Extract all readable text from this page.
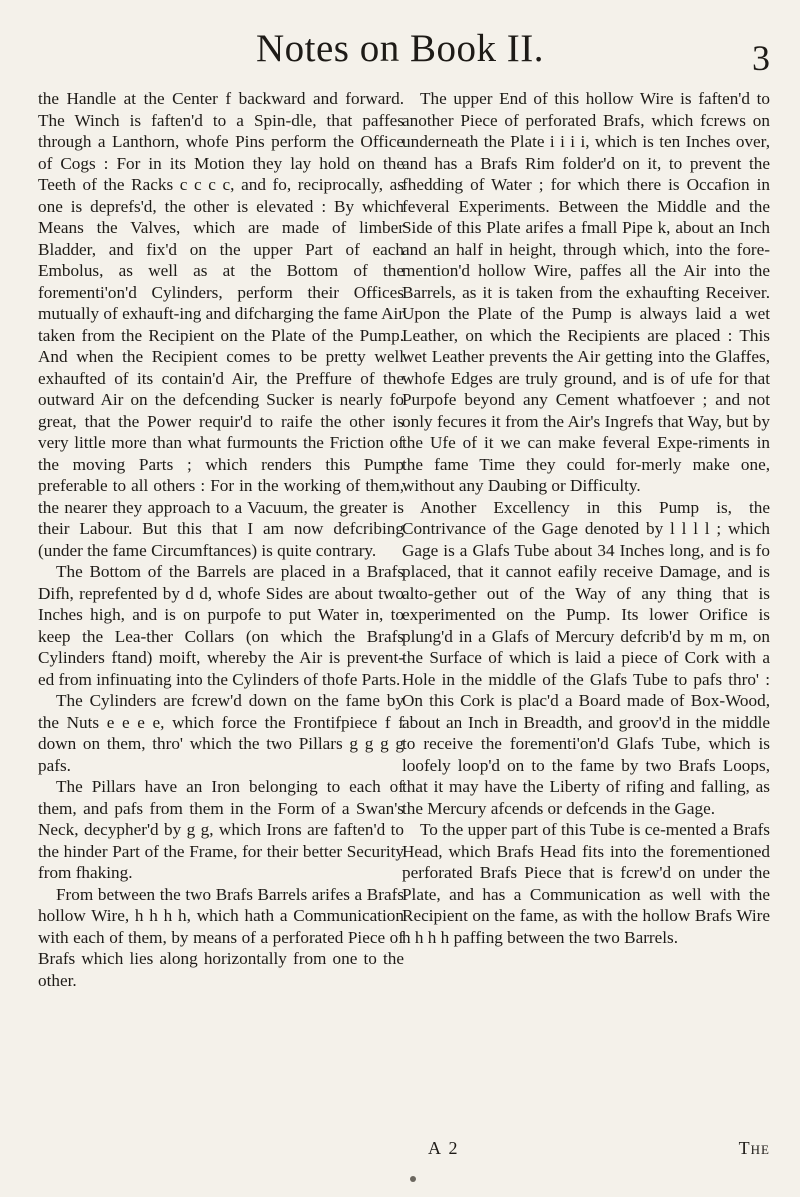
Notes on Book II.	3

the Handle at the Center f backward and forward. The Winch is faften'd to a Spin-dle, that paffes through a Lanthorn, whofe Pins perform the Office of Cogs : For in its Motion they lay hold on the Teeth of the Racks c c c c, and fo, reciprocally, as one is deprefs'd, the other is elevated : By which Means the Valves, which are made of limber Bladder, and fix'd on the upper Part of each Embolus, as well as at the Bottom of the forementi'on'd Cylinders, perform their Offices mutually of exhauft-ing and difcharging the fame Air taken from the Recipient on the Plate of the Pump. And when the Recipient comes to be pretty well exhaufted of its contain'd Air, the Preffure of the outward Air on the defcending Sucker is nearly fo great, that the Power requir'd to raife the other is very little more than what furmounts the Friction of the moving Parts ; which renders this Pump preferable to all others : For in the working of them, the nearer they approach to a Vacuum, the greater is their Labour. But this that I am now defcribing (under the fame Circumftances) is quite contrary.

The Bottom of the Barrels are placed in a Brafs Difh, reprefented by d d, whofe Sides are about two Inches high, and is on purpofe to put Water in, to keep the Lea-ther Collars (on which the Brafs Cylinders ftand) moift, whereby the Air is prevent-ed from infinuating into the Cylinders of thofe Parts.

The Cylinders are fcrew'd down on the fame by the Nuts e e e e, which force the Frontifpiece f f down on them, thro' which the two Pillars g g g g pafs.

The Pillars have an Iron belonging to each of them, and pafs from them in the Form of a Swan's Neck, decypher'd by g g, which Irons are faften'd to the hinder Part of the Frame, for their better Security from fhaking.

From between the two Brafs Barrels arifes a Brafs hollow Wire, h h h h, which hath a Communication with each of them, by means of a perforated Piece of Brafs which lies along horizontally from one to the other.

The upper End of this hollow Wire is faften'd to another Piece of perforated Brafs, which fcrews on underneath the Plate i i i i, which is ten Inches over, and has a Brafs Rim folder'd on it, to prevent the fhedding of Water ; for which there is Occafion in feveral Experiments. Between the Middle and the Side of this Plate arifes a fmall Pipe k, about an Inch and an half in height, through which, into the fore-mention'd hollow Wire, paffes all the Air into the Barrels, as it is taken from the exhaufting Receiver. Upon the Plate of the Pump is always laid a wet Leather, on which the Recipients are placed : This wet Leather prevents the Air getting into the Glaffes, whofe Edges are truly ground, and is of ufe for that Purpofe beyond any Cement whatfoever ; and not only fecures it from the Air's Ingrefs that Way, but by the Ufe of it we can make feveral Expe-riments in the fame Time they could for-merly make one, without any Daubing or Difficulty.

Another Excellency in this Pump is, the Contrivance of the Gage denoted by l l l l ; which Gage is a Glafs Tube about 34 Inches long, and is fo placed, that it cannot eafily receive Damage, and is alto-gether out of the Way of any thing that is experimented on the Pump. Its lower Orifice is plung'd in a Glafs of Mercury defcrib'd by m m, on the Surface of which is laid a piece of Cork with a Hole in the middle of the Glafs Tube to pafs thro' : On this Cork is plac'd a Board made of Box-Wood, about an Inch in Breadth, and groov'd in the middle to receive the forementi'on'd Glafs Tube, which is loofely loop'd on to the fame by two Brafs Loops, that it may have the Liberty of rifing and falling, as the Mercury afcends or defcends in the Gage.

To the upper part of this Tube is ce-mented a Brafs Head, which Brafs Head fits into the forementioned perforated Brafs Piece that is fcrew'd on under the Plate, and has a Communication as well with the Recipient on the fame, as with the hollow Brafs Wire h h h h paffing between the two Barrels.

A 2	The
